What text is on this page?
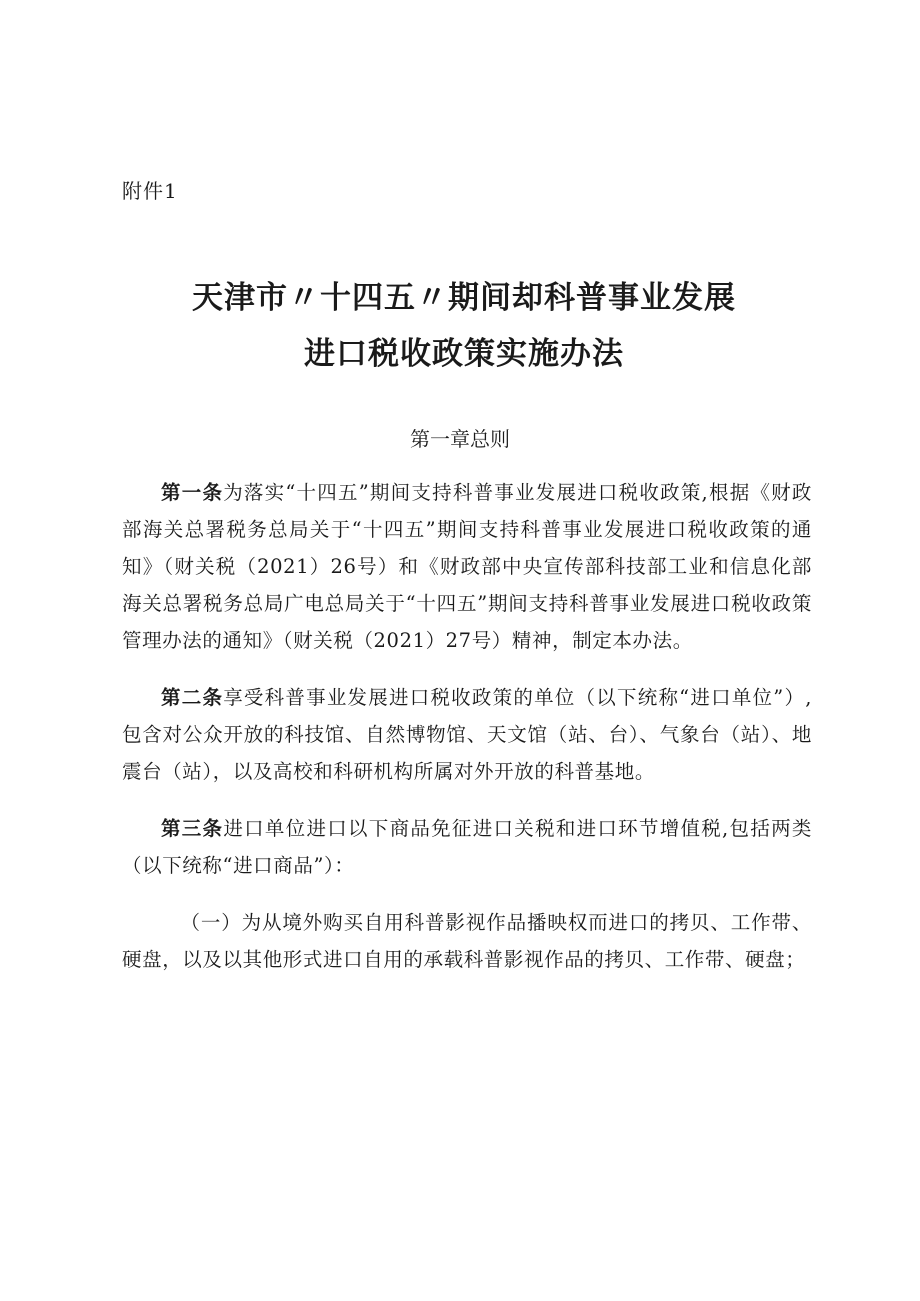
附件1
天津市〃十四五〃期间却科普事业发展
进口税收政策实施办法
第一章总则

第一条为落实“十四五”期间支持科普事业发展进口税收政策,根据《财政部海关总署税务总局关于“十四五”期间支持科普事业发展进口税收政策的通知》（财关税（2021）26号）和《财政部中央宣传部科技部工业和信息化部海关总署税务总局广电总局关于“十四五”期间支持科普事业发展进口税收政策管理办法的通知》（财关税（2021）27号）精神，制定本办法。

第二条享受科普事业发展进口税收政策的单位（以下统称“进口单位”）,包含对公众开放的科技馆、自然博物馆、天文馆（站、台）、气象台（站）、地震台（站），以及高校和科研机构所属对外开放的科普基地。

第三条进口单位进口以下商品免征进口关税和进口环节增值税,包括两类（以下统称“进口商品”）：

（一）为从境外购买自用科普影视作品播映权而进口的拷贝、工作带、硬盘，以及以其他形式进口自用的承载科普影视作品的拷贝、工作带、硬盘；
